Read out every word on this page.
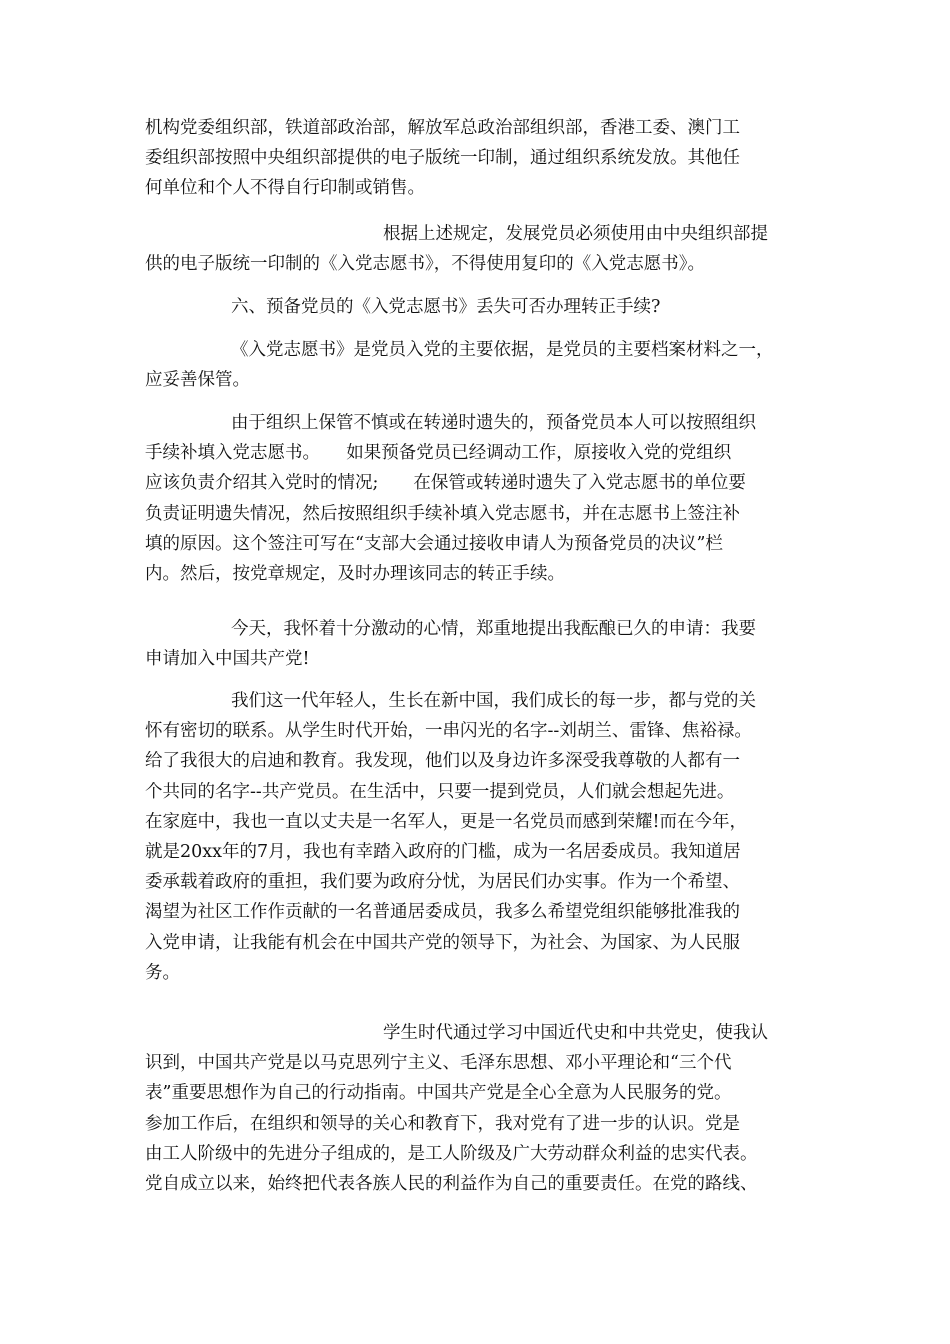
机构党委组织部，铁道部政治部，解放军总政治部组织部，香港工委、澳门工
委组织部按照中央组织部提供的电子版统一印制，通过组织系统发放。其他任
何单位和个人不得自行印制或销售。
根据上述规定，发展党员必须使用由中央组织部提
供的电子版统一印制的《入党志愿书》，不得使用复印的《入党志愿书》。
六、预备党员的《入党志愿书》丢失可否办理转正手续?
《入党志愿书》是党员入党的主要依据，是党员的主要档案材料之一，
应妥善保管。
由于组织上保管不慎或在转递时遗失的，预备党员本人可以按照组织
手续补填入党志愿书。　　如果预备党员已经调动工作，原接收入党的党组织
应该负责介绍其入党时的情况;　　在保管或转递时遗失了入党志愿书的单位要
负责证明遗失情况，然后按照组织手续补填入党志愿书，并在志愿书上签注补
填的原因。这个签注可写在“支部大会通过接收申请人为预备党员的决议”栏
内。然后，按党章规定，及时办理该同志的转正手续。
今天，我怀着十分激动的心情，郑重地提出我酝酿已久的申请：我要
申请加入中国共产党!
我们这一代年轻人，生长在新中国，我们成长的每一步，都与党的关
怀有密切的联系。从学生时代开始，一串闪光的名字--刘胡兰、雷锋、焦裕禄。
给了我很大的启迪和教育。我发现，他们以及身边许多深受我尊敬的人都有一
个共同的名字--共产党员。在生活中，只要一提到党员，人们就会想起先进。
在家庭中，我也一直以丈夫是一名军人，更是一名党员而感到荣耀!而在今年，
就是20xx年的7月，我也有幸踏入政府的门槛，成为一名居委成员。我知道居
委承载着政府的重担，我们要为政府分忧，为居民们办实事。作为一个希望、
渴望为社区工作作贡献的一名普通居委成员，我多么希望党组织能够批准我的
入党申请，让我能有机会在中国共产党的领导下，为社会、为国家、为人民服
务。
学生时代通过学习中国近代史和中共党史，使我认
识到，中国共产党是以马克思列宁主义、毛泽东思想、邓小平理论和“三个代
表”重要思想作为自己的行动指南。中国共产党是全心全意为人民服务的党。
参加工作后，在组织和领导的关心和教育下，我对党有了进一步的认识。党是
由工人阶级中的先进分子组成的，是工人阶级及广大劳动群众利益的忠实代表。
党自成立以来，始终把代表各族人民的利益作为自己的重要责任。在党的路线、
